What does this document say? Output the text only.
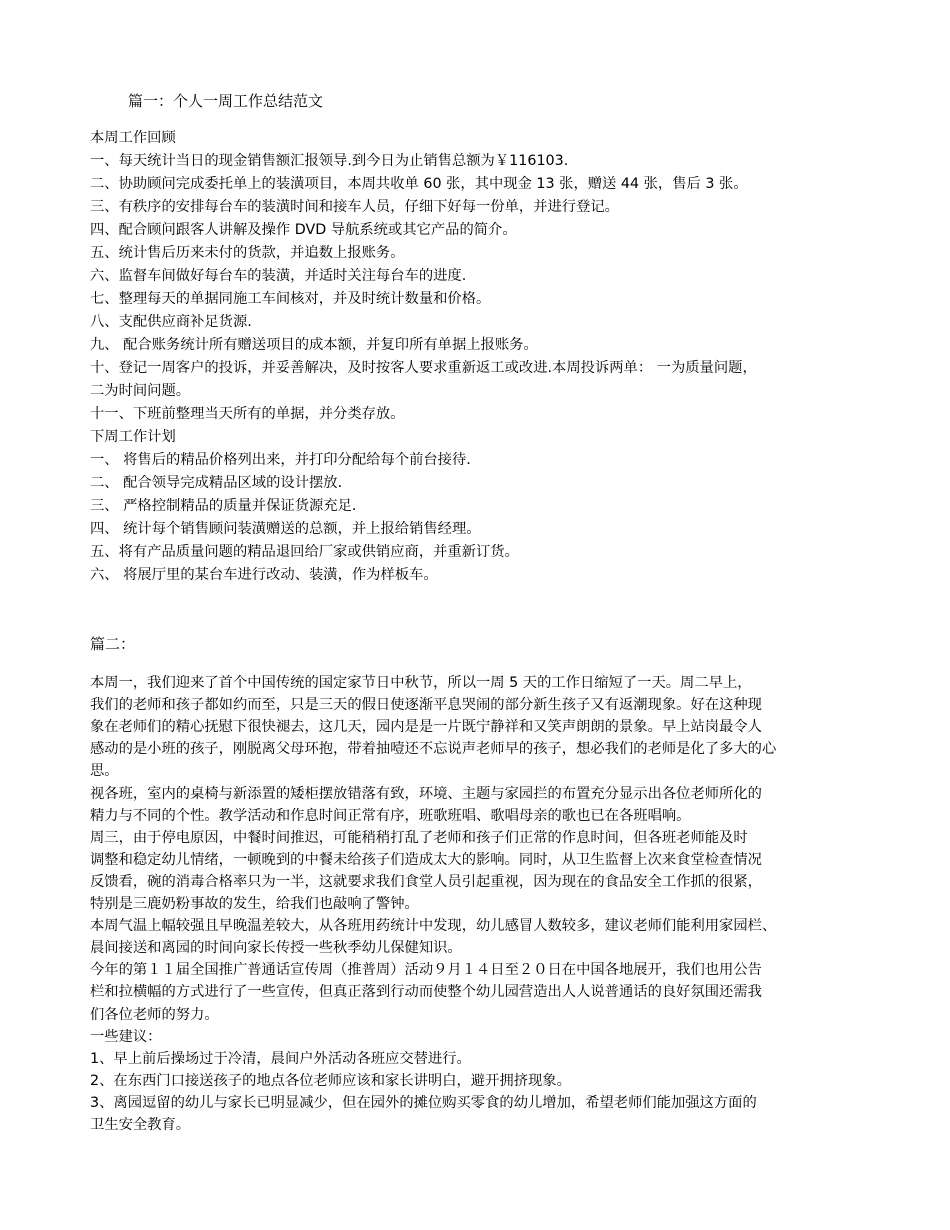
篇一：个人一周工作总结范文
本周工作回顾
一、每天统计当日的现金销售额汇报领导.到今日为止销售总额为￥116103.
二、协助顾问完成委托单上的装潢项目，本周共收单 60 张，其中现金 13 张，赠送 44 张，售后 3 张。
三、有秩序的安排每台车的装潢时间和接车人员，仔细下好每一份单，并进行登记。
四、配合顾问跟客人讲解及操作 DVD 导航系统或其它产品的简介。
五、统计售后历来未付的货款，并追数上报账务。
六、监督车间做好每台车的装潢，并适时关注每台车的进度.
七、整理每天的单据同施工车间核对，并及时统计数量和价格。
八、支配供应商补足货源.
九、 配合账务统计所有赠送项目的成本额，并复印所有单据上报账务。
十、登记一周客户的投诉，并妥善解决，及时按客人要求重新返工或改进.本周投诉两单： 一为质量问题，
二为时间问题。
十一、下班前整理当天所有的单据，并分类存放。
下周工作计划
一、 将售后的精品价格列出来，并打印分配给每个前台接待.
二、 配合领导完成精品区域的设计摆放．
三、 严格控制精品的质量并保证货源充足．
四、 统计每个销售顾问装潢赠送的总额，并上报给销售经理。
五、将有产品质量问题的精品退回给厂家或供销应商，并重新订货。
六、 将展厅里的某台车进行改动、装潢，作为样板车。
篇二：
本周一，我们迎来了首个中国传统的国定家节日中秋节，所以一周 5 天的工作日缩短了一天。周二早上，
我们的老师和孩子都如约而至，只是三天的假日使逐渐平息哭闹的部分新生孩子又有返潮现象。好在这种现
象在老师们的精心抚慰下很快褪去，这几天，园内是是一片既宁静祥和又笑声朗朗的景象。早上站岗最令人
感动的是小班的孩子，刚脱离父母环抱，带着抽噎还不忘说声老师早的孩子，想必我们的老师是化了多大的心
思。
视各班，室内的桌椅与新添置的矮柜摆放错落有致，环境、主题与家园拦的布置充分显示出各位老师所化的
精力与不同的个性。教学活动和作息时间正常有序，班歌班唱、歌唱母亲的歌也已在各班唱响。
周三，由于停电原因，中餐时间推迟，可能稍稍打乱了老师和孩子们正常的作息时间，但各班老师能及时
调整和稳定幼儿情绪，一顿晚到的中餐未给孩子们造成太大的影响。同时，从卫生监督上次来食堂检查情况
反馈看，碗的消毒合格率只为一半，这就要求我们食堂人员引起重视，因为现在的食品安全工作抓的很紧，
特别是三鹿奶粉事故的发生，给我们也敲响了警钟。
本周气温上幅较强且早晚温差较大，从各班用药统计中发现，幼儿感冒人数较多，建议老师们能利用家园栏、
晨间接送和离园的时间向家长传授一些秋季幼儿保健知识。
今年的第１１届全国推广普通话宣传周（推普周）活动９月１４日至２０日在中国各地展开，我们也用公告
栏和拉横幅的方式进行了一些宣传，但真正落到行动而使整个幼儿园营造出人人说普通话的良好氛围还需我
们各位老师的努力。
一些建议：
1、早上前后操场过于冷清，晨间户外活动各班应交替进行。
2、在东西门口接送孩子的地点各位老师应该和家长讲明白，避开拥挤现象。
3、离园逗留的幼儿与家长已明显减少，但在园外的摊位购买零食的幼儿增加，希望老师们能加强这方面的
卫生安全教育。
